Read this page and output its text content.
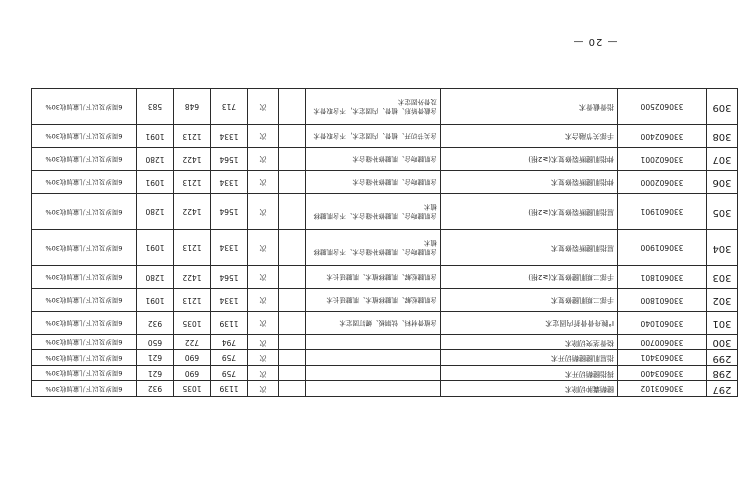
— 20 —
297	330603102	腱鞘囊肿切除术			次	1139	1035	932	6周岁及以下儿童加收30%
298	330603400	拇指腱鞘切开术			次	759	690	621	6周岁及以下儿童加收30%
299	330603401	指屈肌腱腱鞘切开术			次	759	690	621	6周岁及以下儿童加收30%
300	330600700	桡骨茎突切除术			次	794	722	650	6周岁及以下儿童加收30%
301	330601040	I°腕舟骨骨折内固定术	含植骨材料、钛钢板、螺钉固定术		次	1139	1035	932	6周岁及以下儿童加收30%
302	330601800	手部二期肌腱修复术	含肌腱松解、肌腱移植术、肌腱延长术		次	1334	1213	1091	6周岁及以下儿童加收30%
303	330601801	手部二期肌腱修复术(≥2根)	含肌腱松解、肌腱移植术、肌腱延长术		次	1564	1422	1280	6周岁及以下儿童加收30%
304	330601900	屈指肌腱断裂修复术	含肌腱吻合、肌腱修补缝合术、不含肌腱移植术		次	1334	1213	1091	6周岁及以下儿童加收30%
305	330601901	屈指肌腱断裂修复术(≥2根)	含肌腱吻合、肌腱修补缝合术、不含肌腱移植术		次	1564	1422	1280	6周岁及以下儿童加收30%
306	330602000	伸指肌腱断裂修复术	含肌腱吻合、肌腱修补缝合术		次	1334	1213	1091	6周岁及以下儿童加收30%
307	330602001	伸指肌腱断裂修复术(≥2根)	含肌腱吻合、肌腱修补缝合术		次	1564	1422	1280	6周岁及以下儿童加收30%
308	330602400	手部关节融合术	含关节切开、植骨、内固定术，不含取骨术		次	1334	1213	1091	6周岁及以下儿童加收30%
309	330602500	指骨截骨术	含截骨矫形、植骨、内固定术，不含取骨术及骨外固定术		次	713	648	583	6周岁及以下儿童加收30%
